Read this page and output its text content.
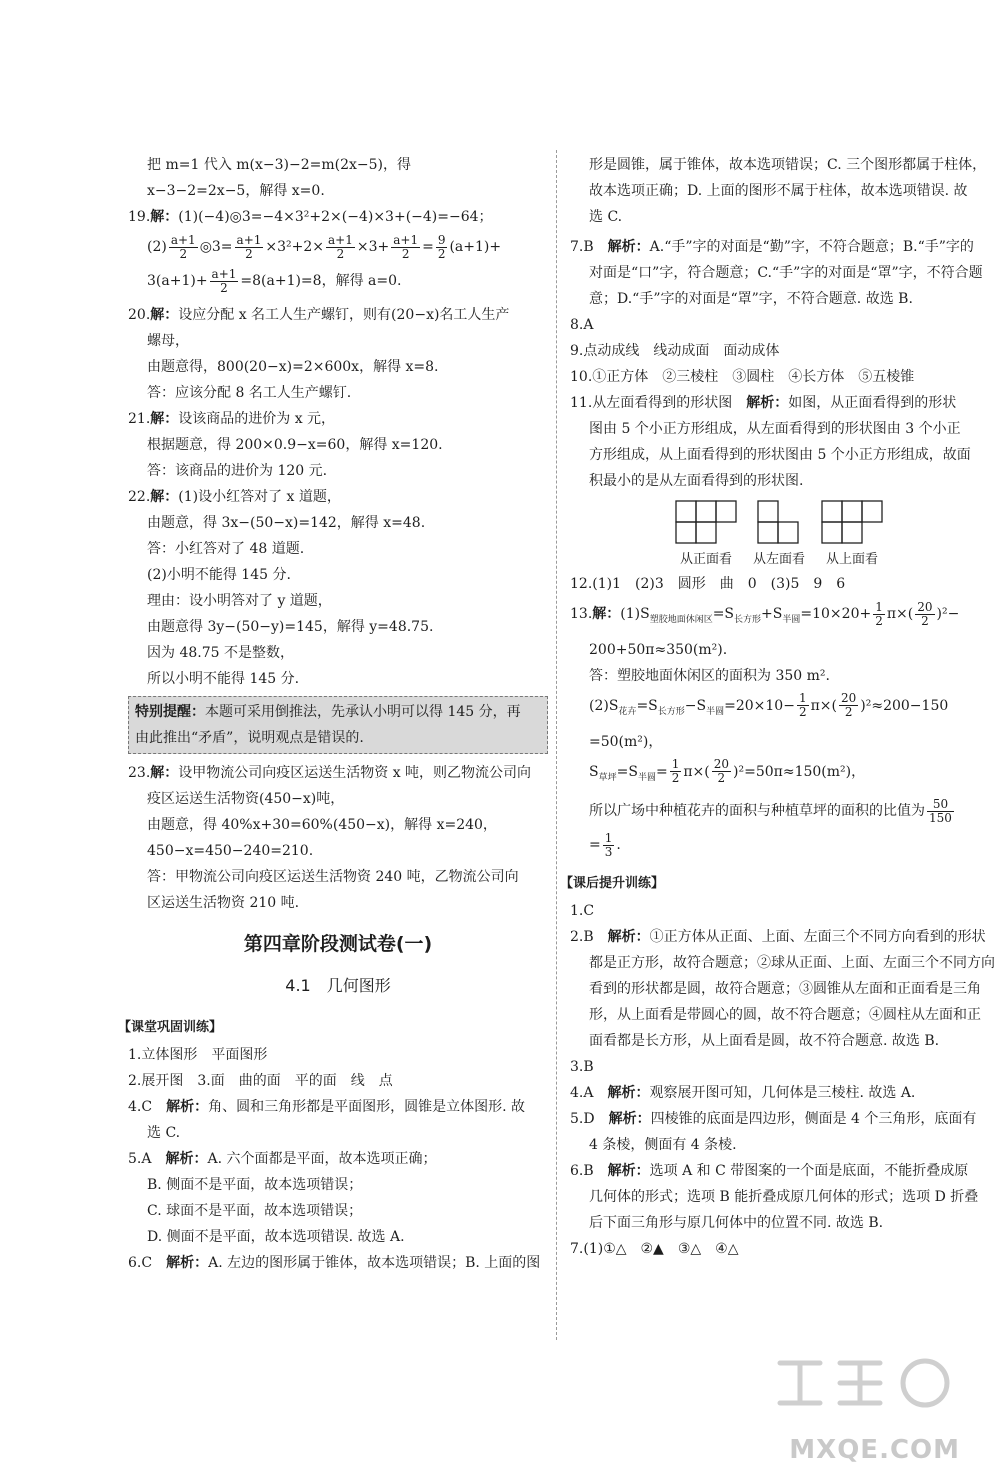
把 m=1 代入 m(x−3)−2=m(2x−5)，得
x−3−2=2x−5，解得 x=0.
19.解：(1)(−4)◎3=−4×3²+2×(−4)×3+(−4)=−64；
$(2) \frac{a+1}{2}$ ◎3= $\frac{a+1}{2} \times 3^2+2\times \frac{a+1}{2} \times 3+ \frac{a+1}{2} = \frac{9}{2} (a+1)+$
$3(a+1)+ \frac{a+1}{2} =8(a+1)=8$，解得 a=0.
20.解：设应分配 x 名工人生产螺钉，则有(20−x)名工人生产
螺母，
由题意得，800(20−x)=2×600x，解得 x=8.
答：应该分配 8 名工人生产螺钉.
21.解：设该商品的进价为 x 元，
根据题意，得 200×0.9−x=60，解得 x=120.
答：该商品的进价为 120 元.
22.解：(1)设小红答对了 x 道题，
由题意，得 3x−(50−x)=142，解得 x=48.
答：小红答对了 48 道题.
(2)小明不能得 145 分.
理由：设小明答对了 y 道题，
由题意得 3y−(50−y)=145，解得 y=48.75.
因为 48.75 不是整数，
所以小明不能得 145 分.
特别提醒：本题可采用倒推法，先承认小明可以得 145 分，再
由此推出“矛盾”，说明观点是错误的.
23.解：设甲物流公司向疫区运送生活物资 x 吨，则乙物流公司向
疫区运送生活物资(450−x)吨，
由题意，得 40%x+30=60%(450−x)，解得 x=240，
450−x=450−240=210.
答：甲物流公司向疫区运送生活物资 240 吨，乙物流公司向
区运送生活物资 210 吨.
第四章阶段测试卷(一)
4.1　几何图形
【课堂巩固训练】
1.立体图形　平面图形
2.展开图　3.面　曲的面　平的面　线　点
4.C　解析：角、圆和三角形都是平面图形，圆锥是立体图形. 故
选 C.
5.A　解析：A. 六个面都是平面，故本选项正确；
B. 侧面不是平面，故本选项错误；
C. 球面不是平面，故本选项错误；
D. 侧面不是平面，故本选项错误. 故选 A.
6.C　解析：A. 左边的图形属于锥体，故本选项错误；B. 上面的图
形是圆锥，属于锥体，故本选项错误；C. 三个图形都属于柱体，
故本选项正确；D. 上面的图形不属于柱体，故本选项错误. 故
选 C.
7.B　解析：A.“手”字的对面是“勤”字，不符合题意；B.“手”字的
对面是“口”字，符合题意；C.“手”字的对面是“罩”字，不符合题
意；D.“手”字的对面是“罩”字，不符合题意. 故选 B.
8.A
9.点动成线　线动成面　面动成体
10.①正方体　②三棱柱　③圆柱　④长方体　⑤五棱锥
11.从左面看得到的形状图　解析：如图，从正面看得到的形状
图由 5 个小正方形组成，从左面看得到的形状图由 3 个小正
方形组成，从上面看得到的形状图由 5 个小正方形组成，故面
积最小的是从左面看得到的形状图.
从正面看	从左面看	从上面看
12.(1)1　(2)3　圆形　曲　0　(3)5　9　6
13.解：$(1)S_{塑胶地面休闲区}=S_{长方形}+S_{半圆}=10\times 20+ \frac{1}{2} \pi\times( \frac{20}{2} )^2-$
200+50π≈350(m²).
答：塑胶地面休闲区的面积为 350 m².
$(2)S_{花卉}=S_{长方形}-S_{半圆}=20\times 10- \frac{1}{2} \pi\times( \frac{20}{2} )^2\approx 200-150$
=50(m²)，
$S_{草坪}=S_{半圆}= \frac{1}{2} \pi\times( \frac{20}{2} )^2=50\pi\approx 150(m^2)$，
所以广场中种植花卉的面积与种植草坪的面积的比值为 $\frac{50}{150}$
= $\frac{1}{3}$ .
【课后提升训练】
1.C
2.B　解析：①正方体从正面、上面、左面三个不同方向看到的形状
都是正方形，故符合题意；②球从正面、上面、左面三个不同方向
看到的形状都是圆，故符合题意；③圆锥从左面和正面看是三角
形，从上面看是带圆心的圆，故不符合题意；④圆柱从左面和正
面看都是长方形，从上面看是圆，故不符合题意. 故选 B.
3.B
4.A　解析：观察展开图可知，几何体是三棱柱. 故选 A.
5.D　解析：四棱锥的底面是四边形，侧面是 4 个三角形，底面有
4 条棱，侧面有 4 条棱.
6.B　解析：选项 A 和 C 带图案的一个面是底面，不能折叠成原
几何体的形式；选项 B 能折叠成原几何体的形式；选项 D 折叠
后下面三角形与原几何体中的位置不同. 故选 B.
7.(1)①△　②▲　③△　④△
MXQE.COM
